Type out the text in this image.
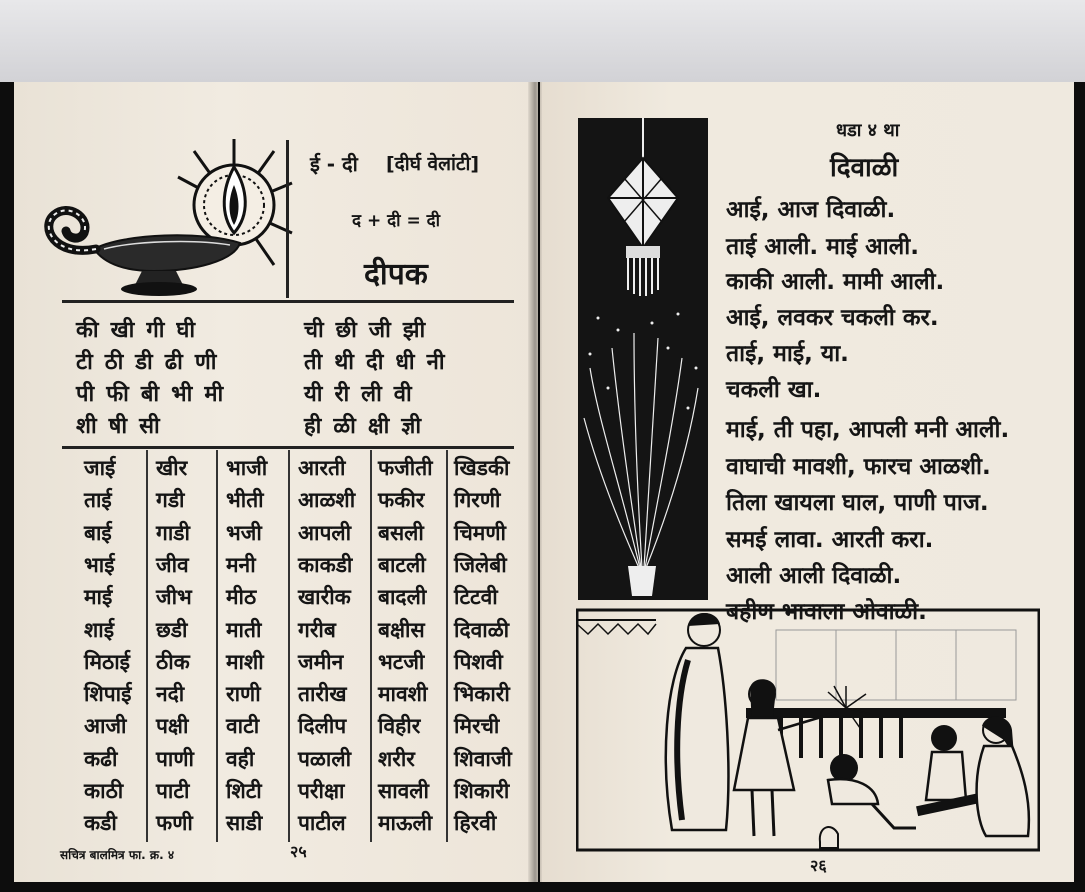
ई - दी [दीर्घ वेलांटी]
द + दी = दी
दीपक
की खी गी घी
टी ठी डी ढी णी
पी फी बी भी मी
शी षी सी
ची छी जी झी
ती थी दी धी नी
यी री ली वी
ही ळी क्षी ज्ञी
जाई खीर भाजी आरती फजीती खिडकी
ताई गडी भीती आळशी फकीर गिरणी
बाई गाडी भजी आपली बसली चिमणी
भाई जीव मनी काकडी बाटली जिलेबी
माई जीभ मीठ खारीक बादली टिटवी
शाई छडी माती गरीब बक्षीस दिवाळी
मिठाई ठीक माशी जमीन भटजी पिशवी
शिपाई नदी राणी तारीख मावशी भिकारी
आजी पक्षी वाटी दिलीप विहीर मिरची
कढी पाणी वही पळाली शरीर शिवाजी
काठी पाटी शिटी परीक्षा सावली शिकारी
कडी फणी साडी पाटील माऊली हिरवी
सचित्र बालमित्र फा. क्र. ४	२५
धडा ४ था
दिवाळी
आई, आज दिवाळी.
ताई आली. माई आली.
काकी आली. मामी आली.
आई, लवकर चकली कर.
ताई, माई, या.
चकली खा.
माई, ती पहा, आपली मनी आली.
वाघाची मावशी, फारच आळशी.
तिला खायला घाल, पाणी पाज.
समई लावा. आरती करा.
आली आली दिवाळी.
बहीण भावाला ओवाळी.
२६
